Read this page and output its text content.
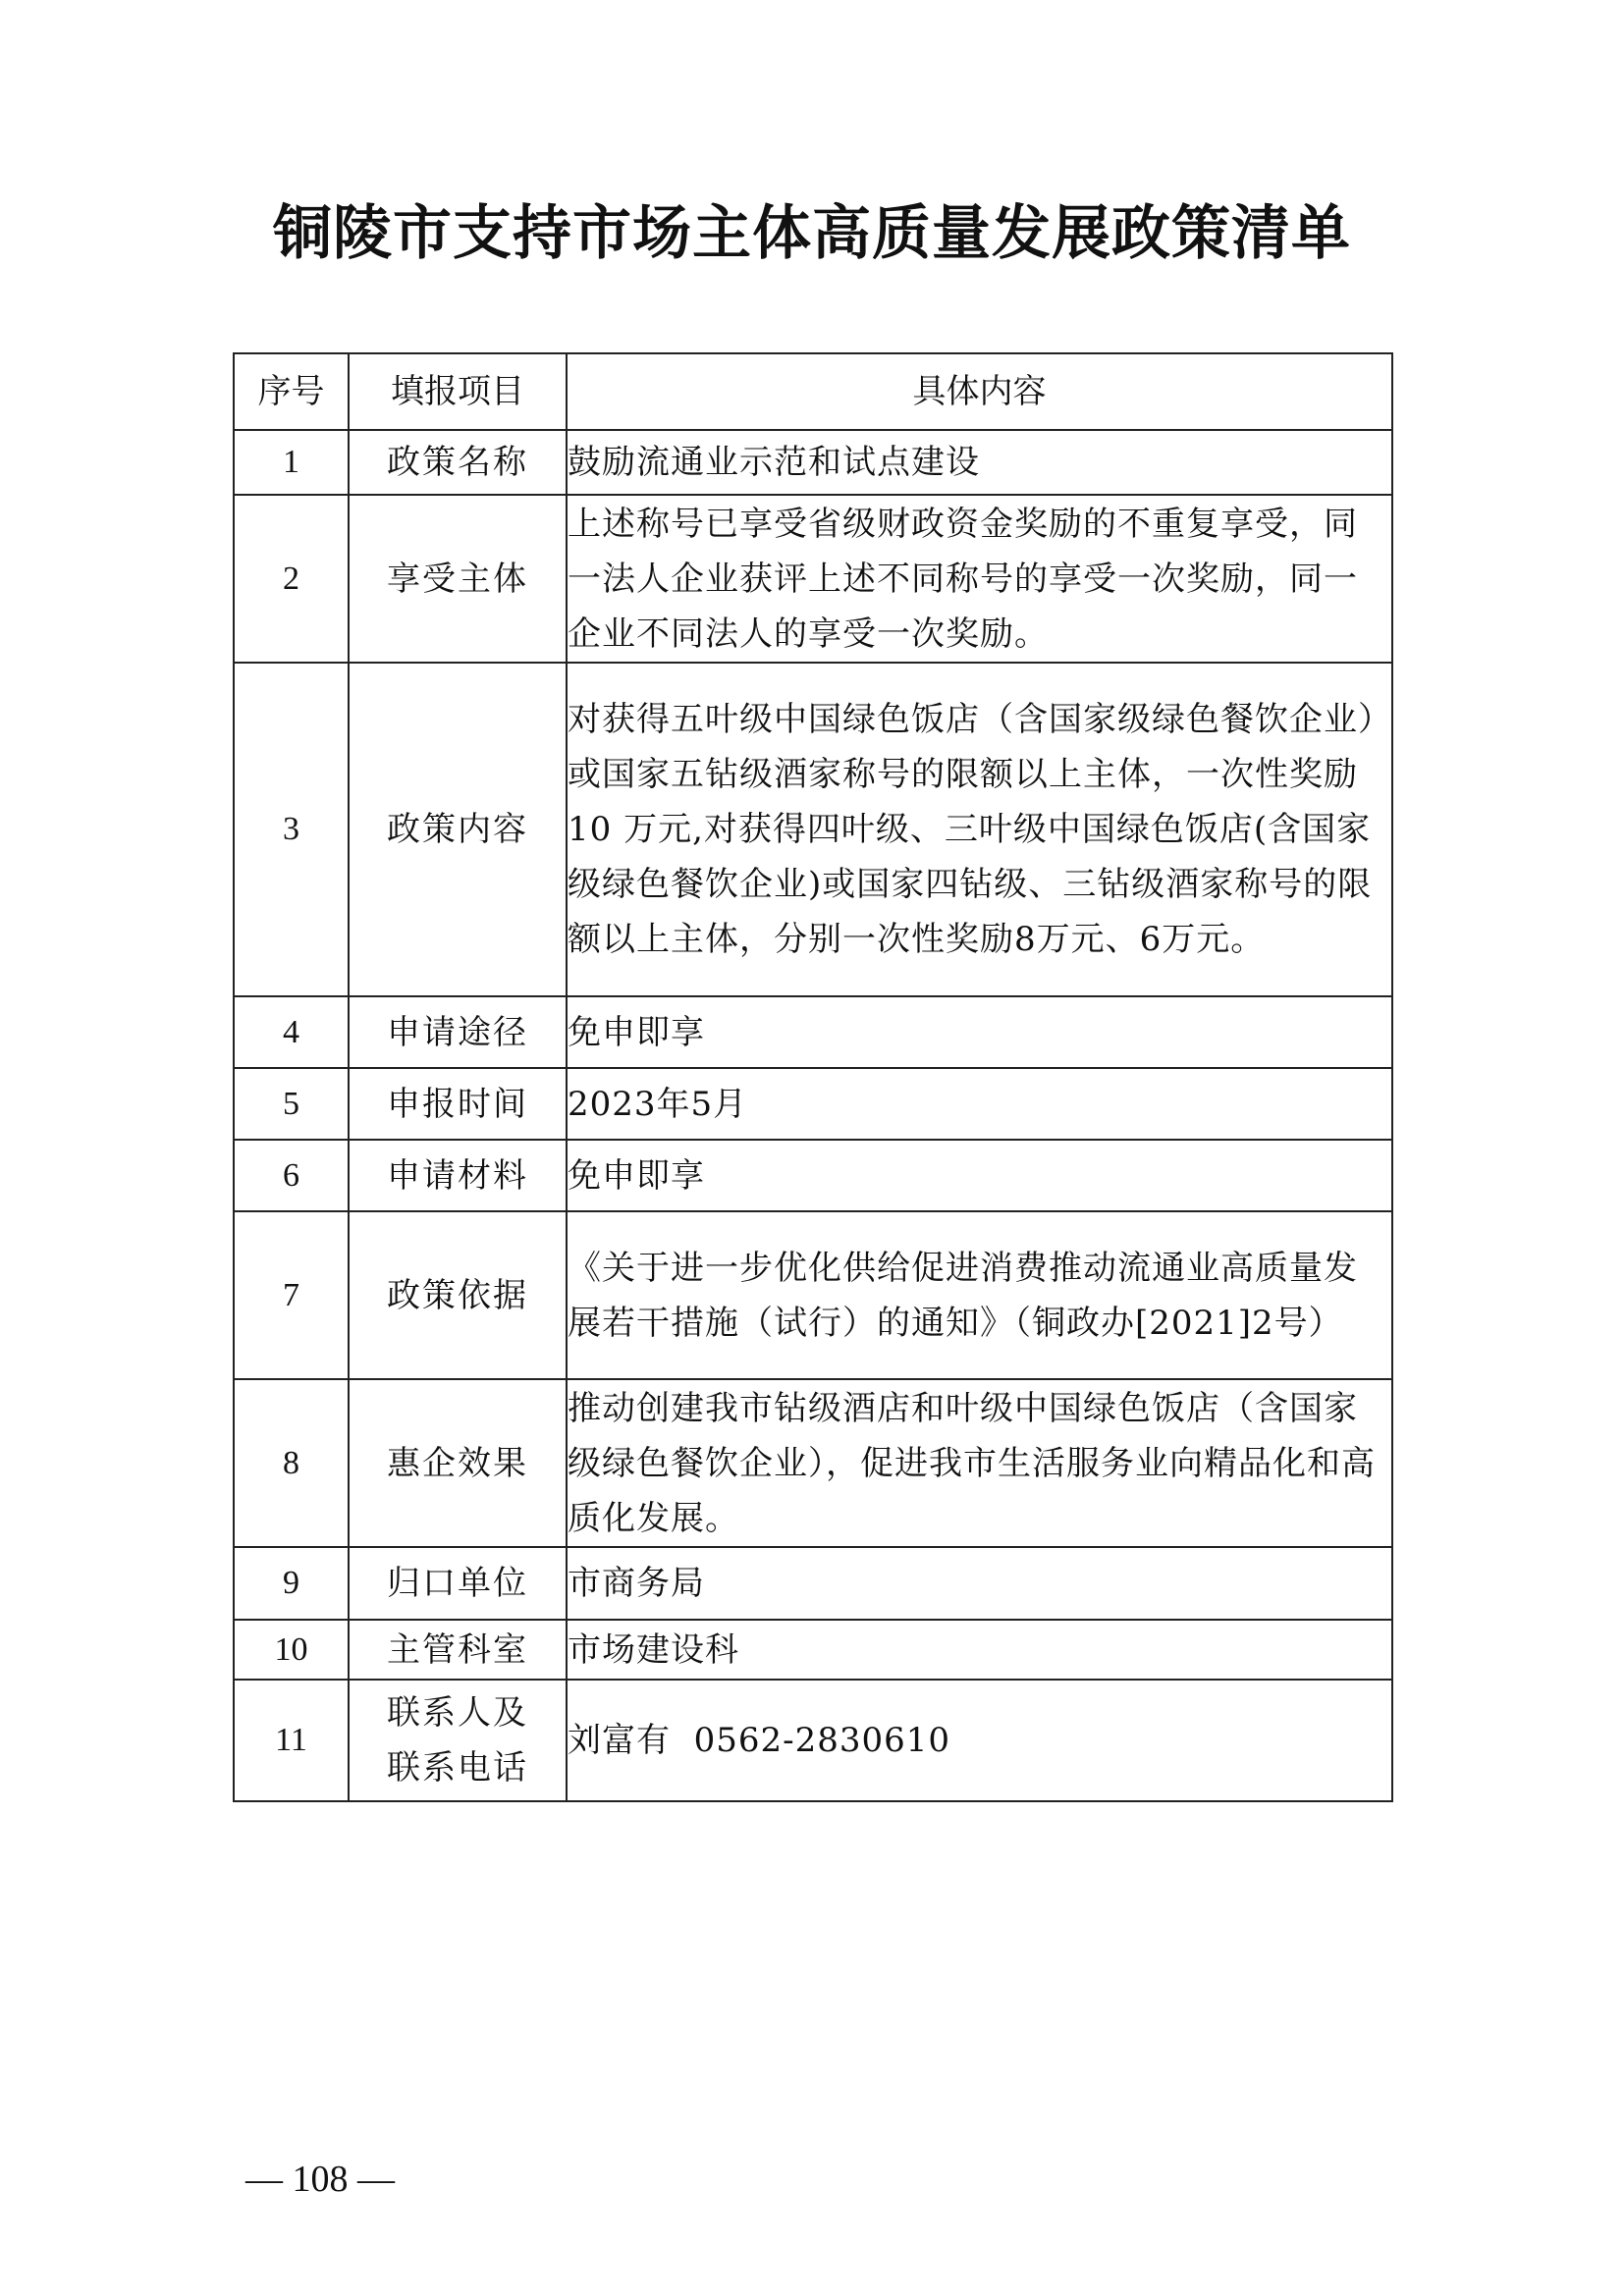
铜陵市支持市场主体高质量发展政策清单
序号	填报项目	具体内容
1	政策名称	鼓励流通业示范和试点建设
2	享受主体	上述称号已享受省级财政资金奖励的不重复享受，同一法人企业获评上述不同称号的享受一次奖励，同一企业不同法人的享受一次奖励。
3	政策内容	对获得五叶级中国绿色饭店（含国家级绿色餐饮企业）或国家五钻级酒家称号的限额以上主体，一次性奖励10 万元,对获得四叶级、三叶级中国绿色饭店(含国家级绿色餐饮企业)或国家四钻级、三钻级酒家称号的限额以上主体，分别一次性奖励8万元、6万元。
4	申请途径	免申即享
5	申报时间	2023年5月
6	申请材料	免申即享
7	政策依据	《关于进一步优化供给促进消费推动流通业高质量发展若干措施（试行）的通知》（铜政办[2021]2号）
8	惠企效果	推动创建我市钻级酒店和叶级中国绿色饭店（含国家级绿色餐饮企业），促进我市生活服务业向精品化和高质化发展。
9	归口单位	市商务局
10	主管科室	市场建设科
11	联系人及联系电话	刘富有  0562-2830610
— 108 —
